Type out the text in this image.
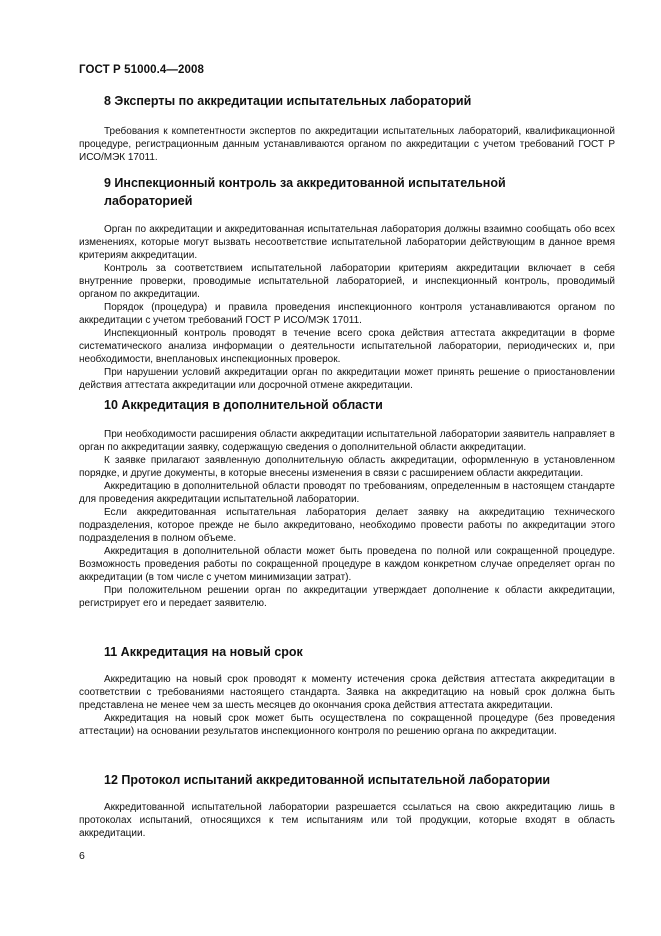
ГОСТ Р 51000.4—2008
8 Эксперты по аккредитации испытательных лабораторий

Требования к компетентности экспертов по аккредитации испытательных лабораторий, квалификационной процедуре, регистрационным данным устанавливаются органом по аккредитации с учетом требований ГОСТ Р ИСО/МЭК 17011.

9 Инспекционный контроль за аккредитованной испытательной лабораторией

Орган по аккредитации и аккредитованная испытательная лаборатория должны взаимно сообщать обо всех изменениях, которые могут вызвать несоответствие испытательной лаборатории действующим в данное время критериям аккредитации.

Контроль за соответствием испытательной лаборатории критериям аккредитации включает в себя внутренние проверки, проводимые испытательной лабораторией, и инспекционный контроль, проводимый органом по аккредитации.

Порядок (процедура) и правила проведения инспекционного контроля устанавливаются органом по аккредитации с учетом требований ГОСТ Р ИСО/МЭК 17011.

Инспекционный контроль проводят в течение всего срока действия аттестата аккредитации в форме систематического анализа информации о деятельности испытательной лаборатории, периодических и, при необходимости, внеплановых инспекционных проверок.

При нарушении условий аккредитации орган по аккредитации может принять решение о приостановлении действия аттестата аккредитации или досрочной отмене аккредитации.

10 Аккредитация в дополнительной области

При необходимости расширения области аккредитации испытательной лаборатории заявитель направляет в орган по аккредитации заявку, содержащую сведения о дополнительной области аккредитации.

К заявке прилагают заявленную дополнительную область аккредитации, оформленную в установленном порядке, и другие документы, в которые внесены изменения в связи с расширением области аккредитации.

Аккредитацию в дополнительной области проводят по требованиям, определенным в настоящем стандарте для проведения аккредитации испытательной лаборатории.

Если аккредитованная испытательная лаборатория делает заявку на аккредитацию технического подразделения, которое прежде не было аккредитовано, необходимо провести работы по аккредитации этого подразделения в полном объеме.

Аккредитация в дополнительной области может быть проведена по полной или сокращенной процедуре. Возможность проведения работы по сокращенной процедуре в каждом конкретном случае определяет орган по аккредитации (в том числе с учетом минимизации затрат).

При положительном решении орган по аккредитации утверждает дополнение к области аккредитации, регистрирует его и передает заявителю.

11 Аккредитация на новый срок

Аккредитацию на новый срок проводят к моменту истечения срока действия аттестата аккредитации в соответствии с требованиями настоящего стандарта. Заявка на аккредитацию на новый срок должна быть представлена не менее чем за шесть месяцев до окончания срока действия аттестата аккредитации.

Аккредитация на новый срок может быть осуществлена по сокращенной процедуре (без проведения аттестации) на основании результатов инспекционного контроля по решению органа по аккредитации.

12 Протокол испытаний аккредитованной испытательной лаборатории

Аккредитованной испытательной лаборатории разрешается ссылаться на свою аккредитацию лишь в протоколах испытаний, относящихся к тем испытаниям или той продукции, которые входят в область аккредитации.

6
